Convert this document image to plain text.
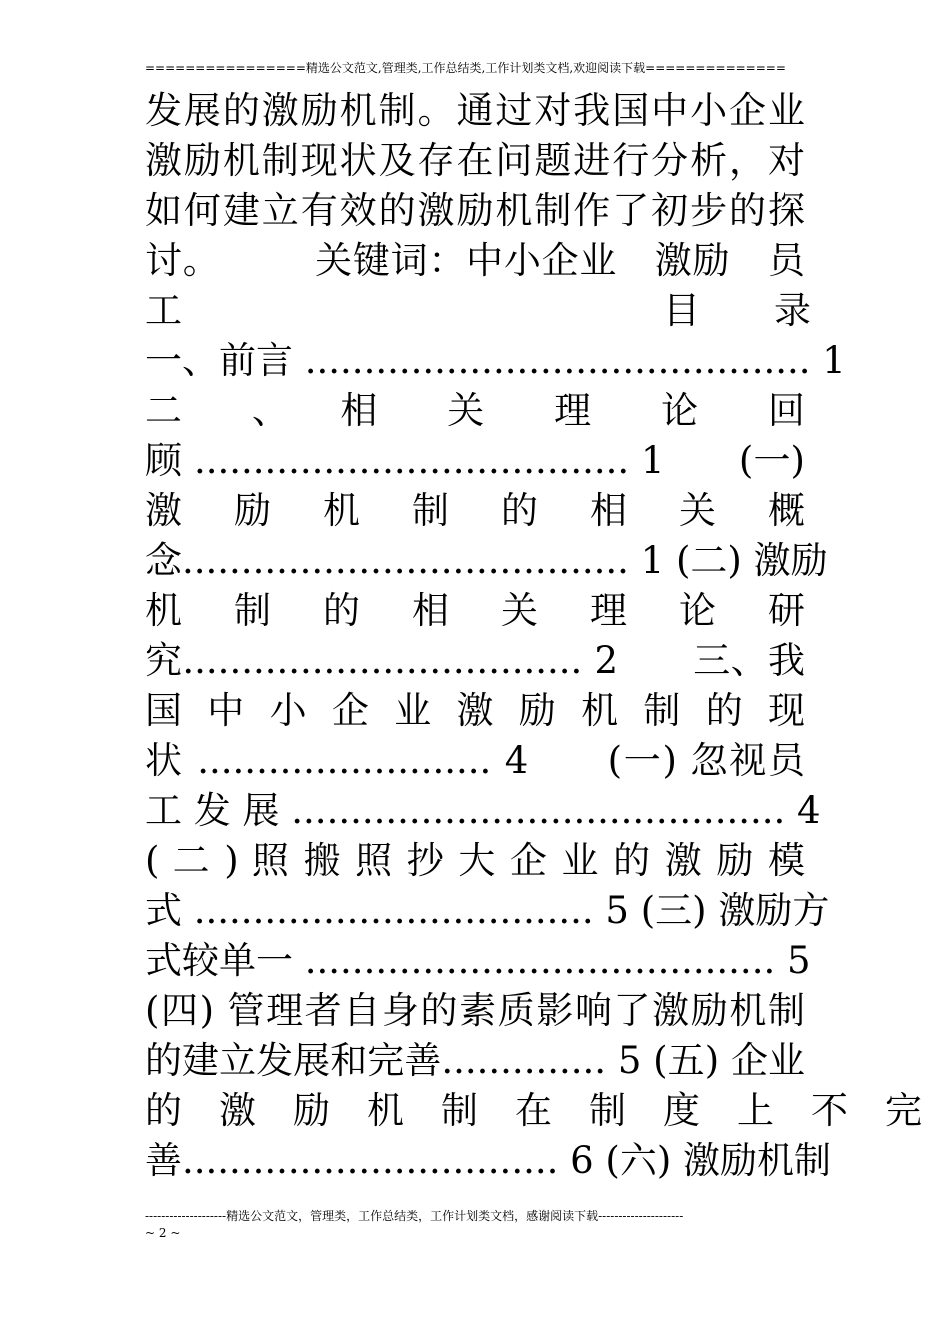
================精选公文范文,管理类,工作总结类,工作计划类文档,欢迎阅读下载==============
发展的激励机制。通过对我国中小企业
激励机制现状及存在问题进行分析，对
如何建立有效的激励机制作了初步的探
讨。　　　关键词：中小企业　激励　员
工　　　　　　　　　　　　　目　　录
一、前言 ........................................... 1
二　、　相　关　理　论　回
顾 ..................................... 1　　(一)
激　励　机　制　的　相　关　概
念...................................... 1 (二) 激励
机　制　的　相　关　理　论　研
究.................................. 2　　三、我
国 中 小 企 业 激 励 机 制 的 现
状 ......................... 4　　(一) 忽视员
工 发 展 .......................................... 4
( 二 ) 照 搬 照 抄 大 企 业 的 激 励 模
式 .................................. 5 (三) 激励方
式较单一 ........................................ 5
(四) 管理者自身的素质影响了激励机制
的建立发展和完善.............. 5 (五) 企业
的　激　励　机　制　在　制　度　上　不　完
善................................ 6 (六) 激励机制
--------------------精选公文范文，管理类，工作总结类，工作计划类文档，感谢阅读下载---------------------
~ 2 ~
